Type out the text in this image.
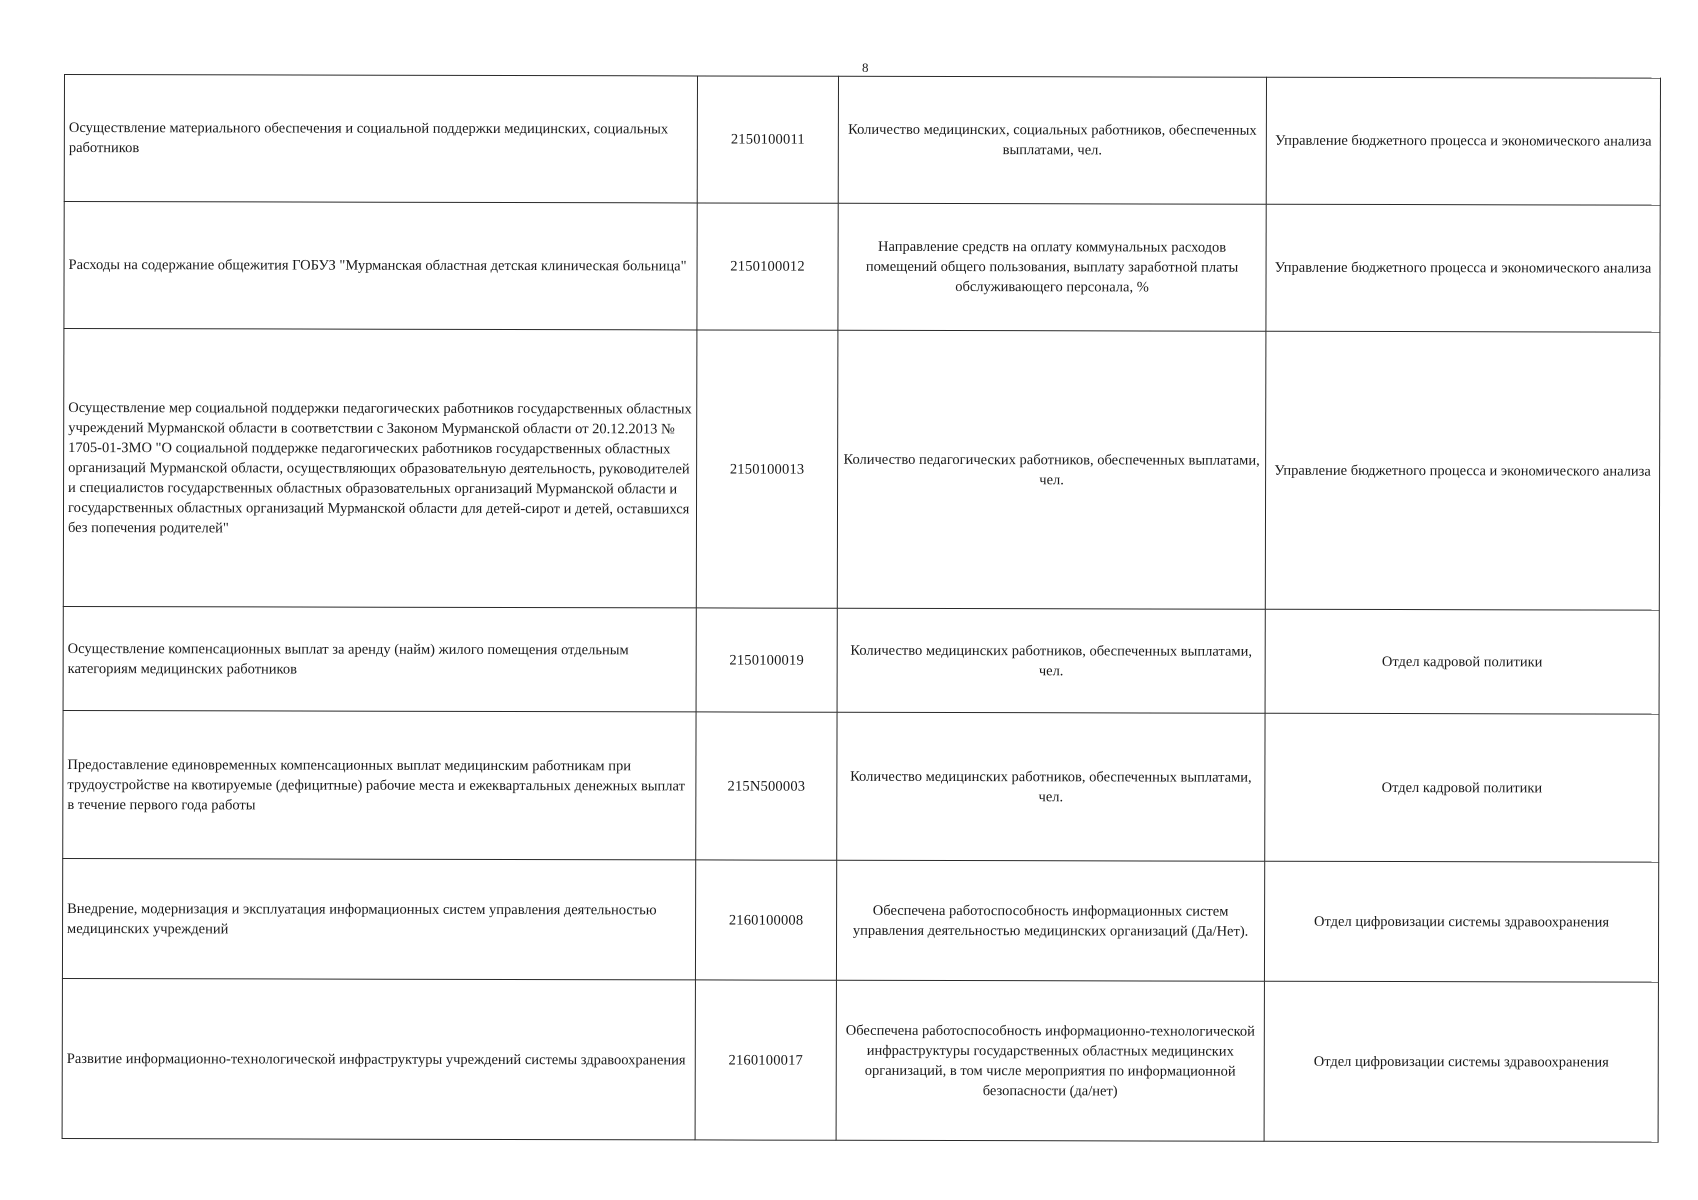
8
Осуществление материального обеспечения и социальной поддержки медицинских, социальных работников	2150100011	Количество медицинских, социальных работников, обеспеченных выплатами, чел.	Управление бюджетного процесса и экономического анализа
Расходы на содержание общежития ГОБУЗ "Мурманская областная детская клиническая больница"	2150100012	Направление средств на оплату коммунальных расходов помещений общего пользования, выплату заработной платы обслуживающего персонала, %	Управление бюджетного процесса и экономического анализа
Осуществление мер социальной поддержки педагогических работников государственных областных учреждений Мурманской области в соответствии с Законом Мурманской области от 20.12.2013 № 1705-01-ЗМО "О социальной поддержке педагогических работников государственных областных организаций Мурманской области, осуществляющих образовательную деятельность, руководителей и специалистов государственных областных образовательных организаций Мурманской области и государственных областных организаций Мурманской области для детей-сирот и детей, оставшихся без попечения родителей"	2150100013	Количество педагогических работников, обеспеченных выплатами, чел.	Управление бюджетного процесса и экономического анализа
Осуществление компенсационных выплат за аренду (найм) жилого помещения отдельным категориям медицинских работников	2150100019	Количество медицинских работников, обеспеченных выплатами, чел.	Отдел кадровой политики
Предоставление единовременных компенсационных выплат медицинским работникам при трудоустройстве на квотируемые (дефицитные) рабочие места и ежеквартальных денежных выплат в течение первого года работы	215N500003	Количество медицинских работников, обеспеченных выплатами, чел.	Отдел кадровой политики
Внедрение, модернизация и эксплуатация информационных систем управления деятельностью медицинских учреждений	2160100008	Обеспечена работоспособность информационных систем управления деятельностью медицинских организаций (Да/Нет).	Отдел цифровизации системы здравоохранения
Развитие информационно-технологической инфраструктуры учреждений системы здравоохранения	2160100017	Обеспечена работоспособность информационно-технологической инфраструктуры государственных областных медицинских организаций, в том числе мероприятия по информационной безопасности (да/нет)	Отдел цифровизации системы здравоохранения
